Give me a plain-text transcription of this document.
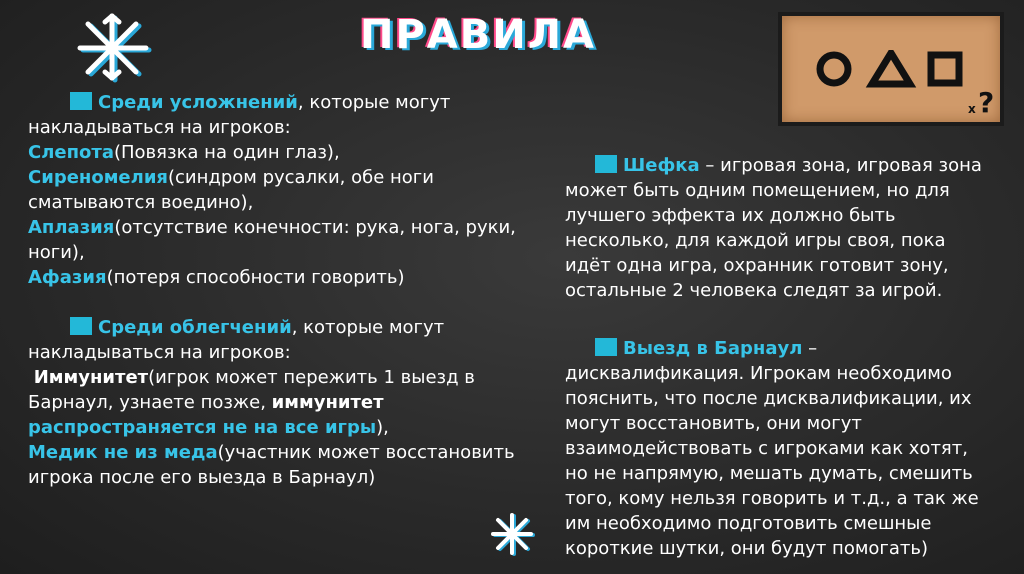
ПРАВИЛА
x ?

Среди усложнений, которые могут

накладываться на игроков:

Слепота(Повязка на один глаз),

Сиреномелия(синдром русалки, обе ноги

сматываются воедино),

Аплазия(отсутствие конечности: рука, нога, руки,

ноги),

Афазия(потеря способности говорить)

Среди облегчений, которые могут

накладываться на игроков:

Иммунитет(игрок может пережить 1 выезд в

Барнаул, узнаете позже, иммунитет

распространяется не на все игры),

Медик не из меда(участник может восстановить

игрока после его выезда в Барнаул)

Шефка – игровая зона, игровая зона

может быть одним помещением, но для

лучшего эффекта их должно быть

несколько, для каждой игры своя, пока

идёт одна игра, охранник готовит зону,

остальные 2 человека следят за игрой.

Выезд в Барнаул –

дисквалификация. Игрокам необходимо

пояснить, что после дисквалификации, их

могут восстановить, они могут

взаимодействовать с игроками как хотят,

но не напрямую, мешать думать, смешить

того, кому нельзя говорить и т.д., а так же

им необходимо подготовить смешные

короткие шутки, они будут помогать)
